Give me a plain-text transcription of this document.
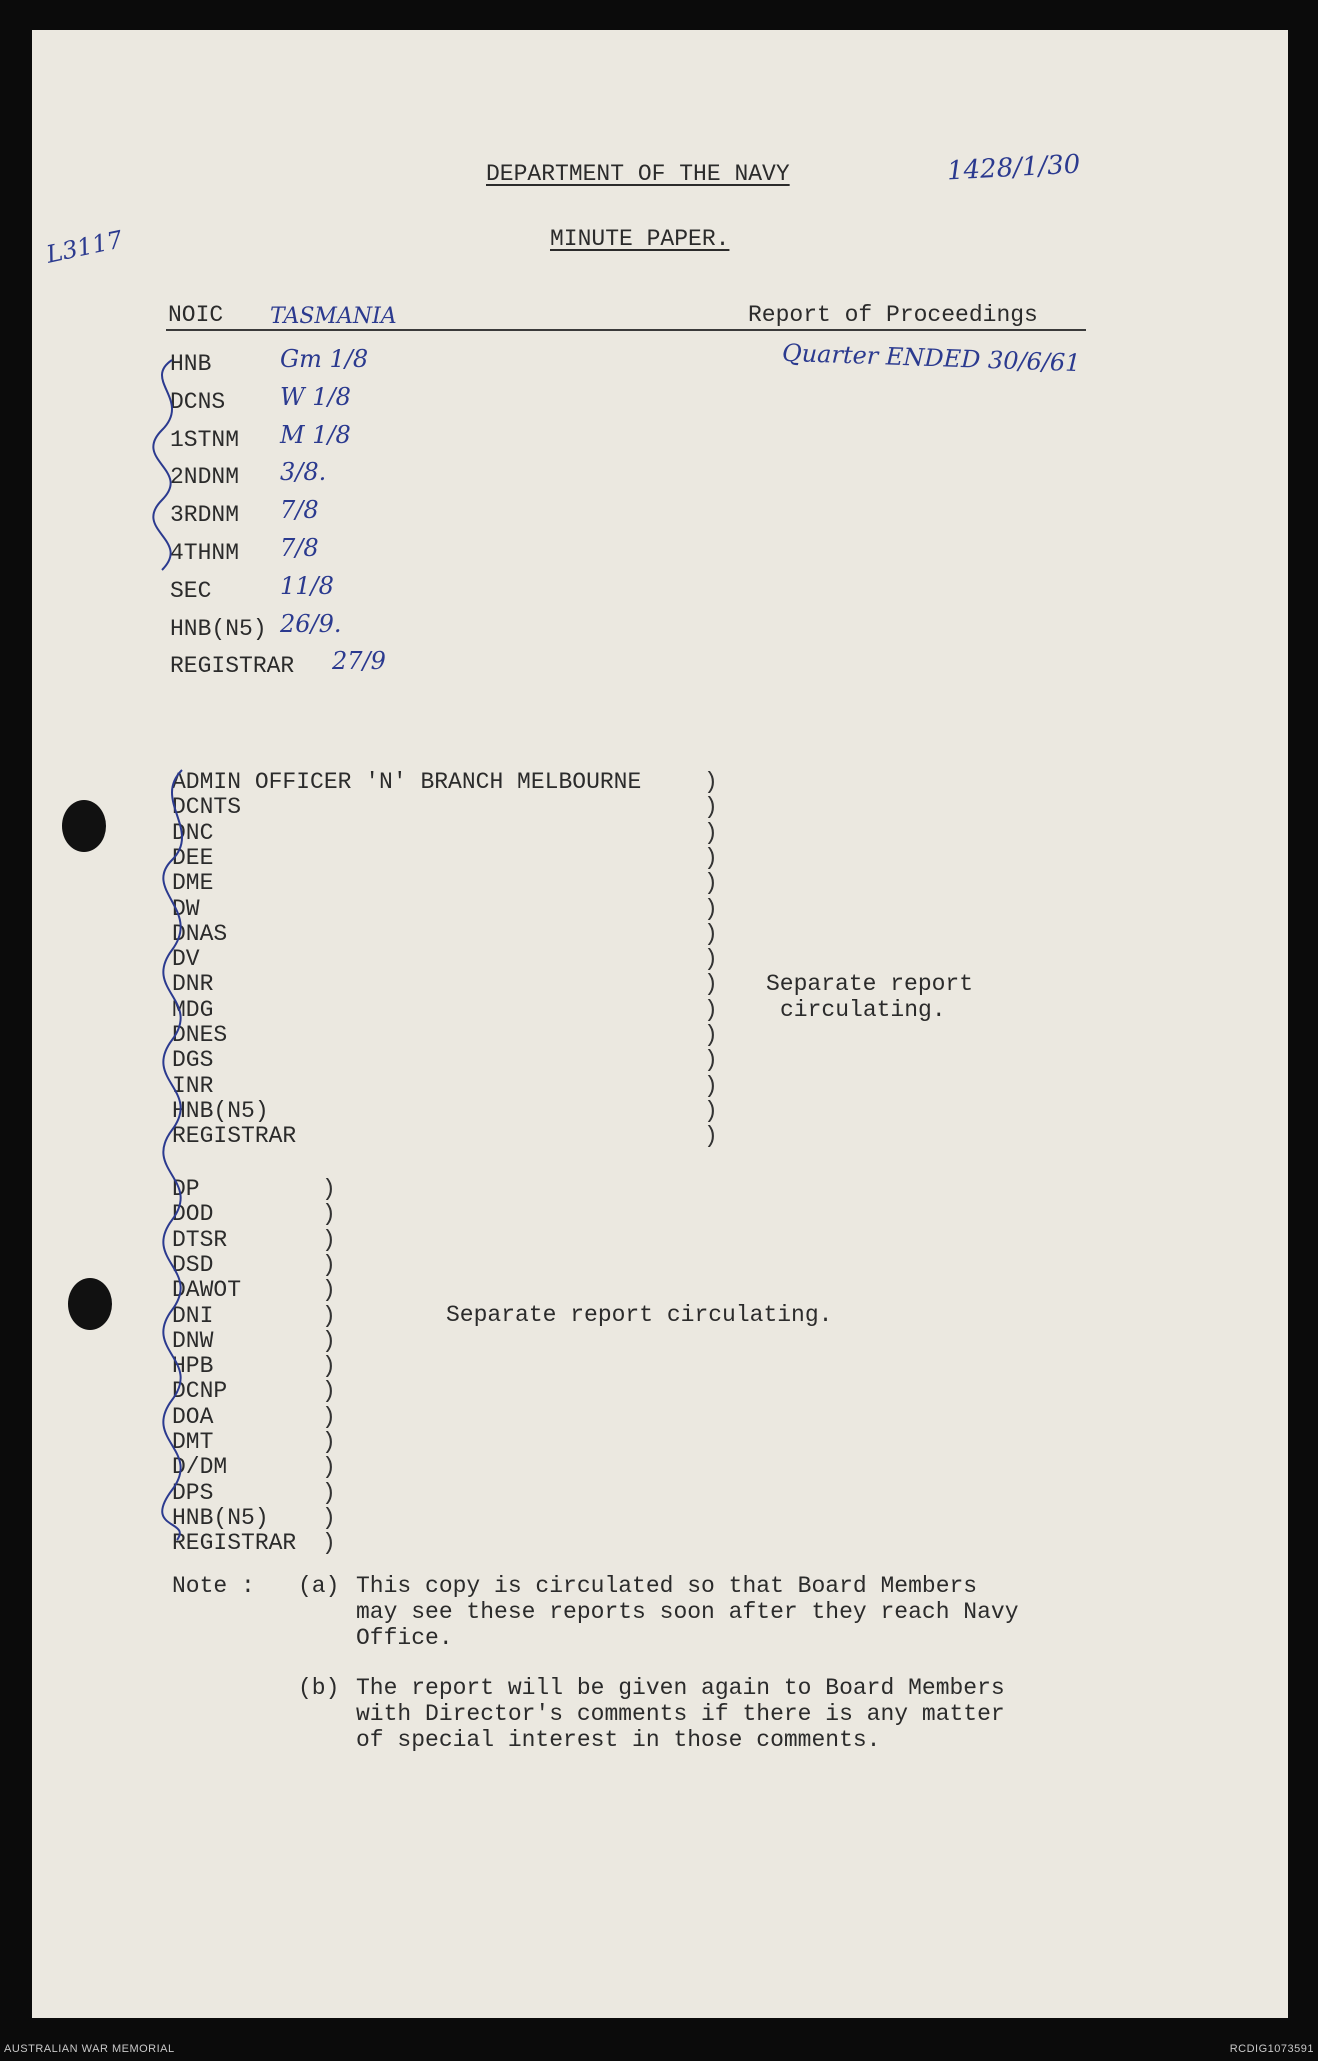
DEPARTMENT OF THE NAVY
MINUTE PAPER.
1428/1/30
L3117
NOIC TASMANIA	Report of Proceedings
Quarter ENDED 30/6/61
HNB	Gm 1/8
DCNS W 1/8
1STNM M 1/8
2NDNM 3/8.
3RDNM 7/8
4THNM 7/8
SEC	11/8
HNB(N5) 26/9.
REGISTRAR 27/9
ADMIN OFFICER 'N' BRANCH MELBOURNE	)
DCNTS	)
DNC	)
DEE	)
DME	)
DW	)
DNAS	)
DV	)
DNR	)
MDG	)
DNES	)
DGS	)
INR	)
HNB(N5)	)
REGISTRAR	)
Separate report
circulating.
DP	)
DOD	)
DTSR	)
DSD	)
DAWOT	)
DNI	)
DNW	)
HPB	)
DCNP	)
DOA	)
DMT	)
D/DM	)
DPS	)
HNB(N5) )
REGISTRAR )
Separate report circulating.
Note : (a) This copy is circulated so that Board Members
may see these reports soon after they reach Navy
Office.
(b) The report will be given again to Board Members
with Director's comments if there is any matter
of special interest in those comments.
AUSTRALIAN WAR MEMORIAL	RCDIG1073591
